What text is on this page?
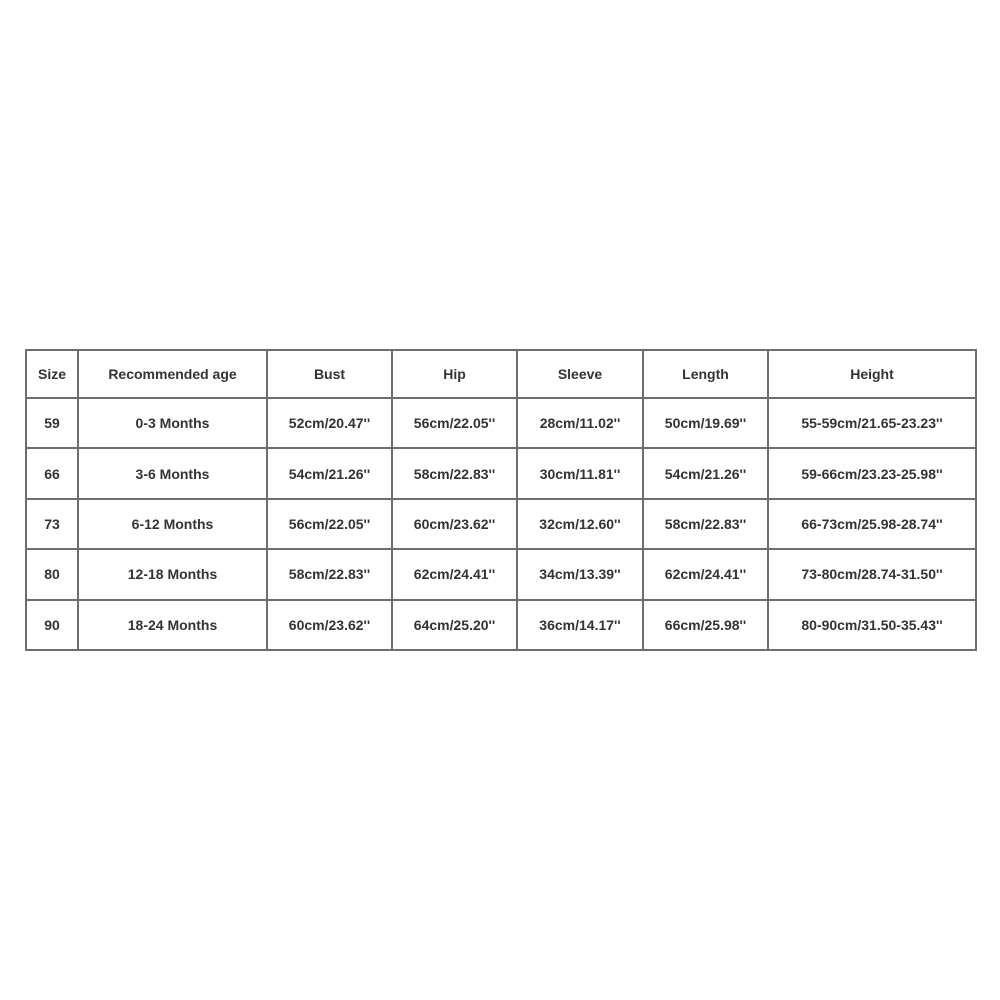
Size	Recommended age	Bust	Hip	Sleeve	Length	Height
59	0-3 Months	52cm/20.47''	56cm/22.05''	28cm/11.02''	50cm/19.69''	55-59cm/21.65-23.23''
66	3-6 Months	54cm/21.26''	58cm/22.83''	30cm/11.81''	54cm/21.26''	59-66cm/23.23-25.98''
73	6-12 Months	56cm/22.05''	60cm/23.62''	32cm/12.60''	58cm/22.83''	66-73cm/25.98-28.74''
80	12-18 Months	58cm/22.83''	62cm/24.41''	34cm/13.39''	62cm/24.41''	73-80cm/28.74-31.50''
90	18-24 Months	60cm/23.62''	64cm/25.20''	36cm/14.17''	66cm/25.98''	80-90cm/31.50-35.43''
